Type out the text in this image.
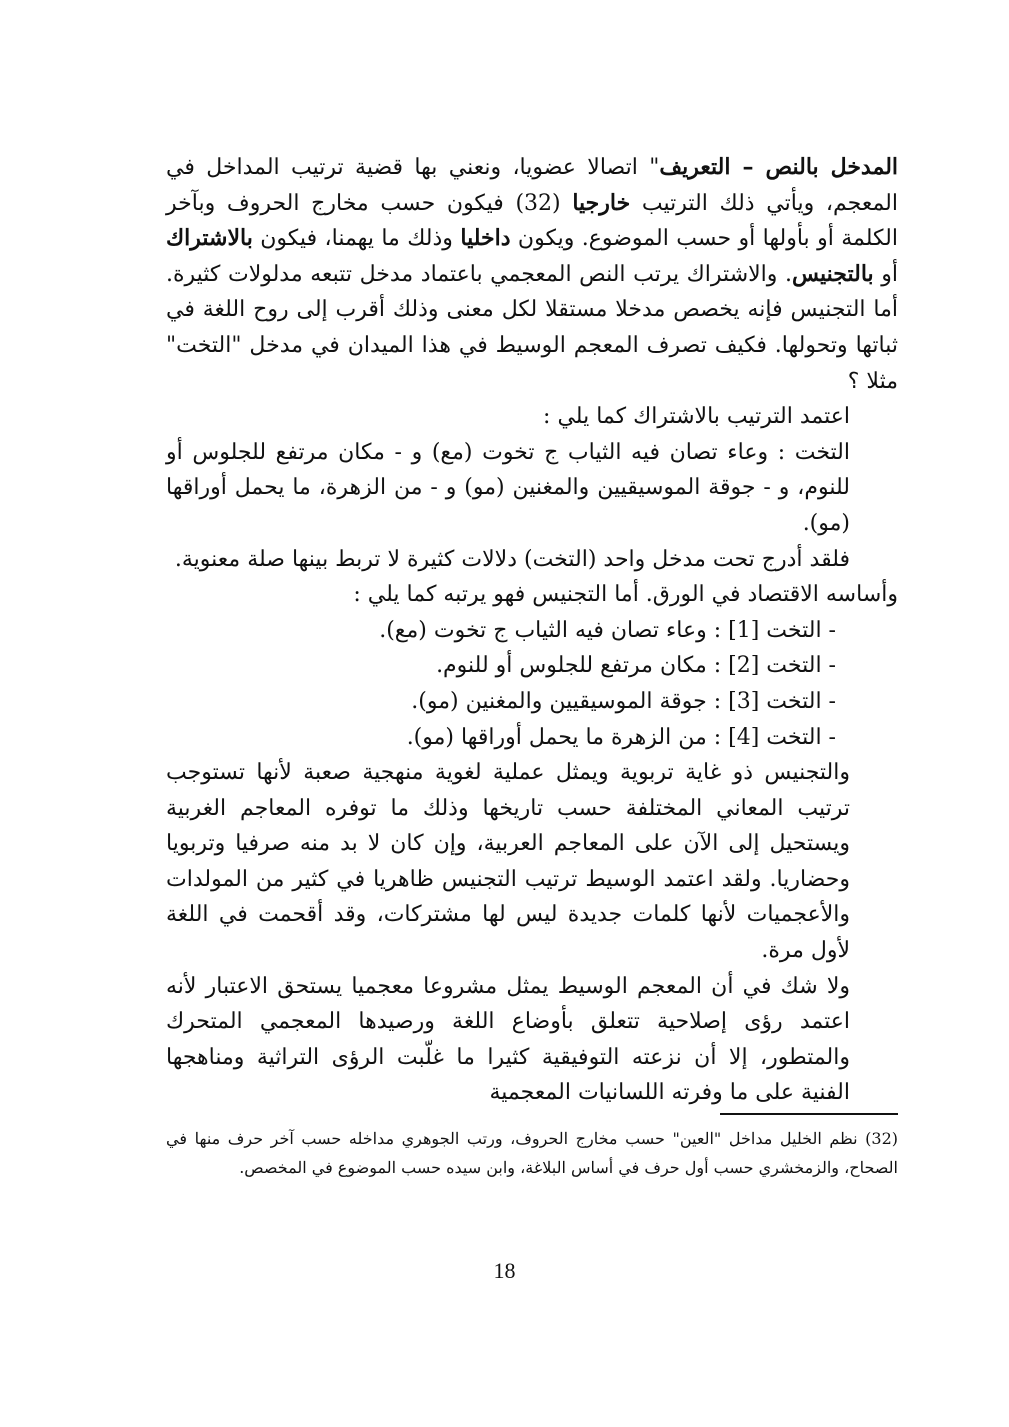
المدخل بالنص – التعريف" اتصالا عضويا، ونعني بها قضية ترتيب المداخل في المعجم، ويأتي ذلك الترتيب خارجيا (32) فيكون حسب مخارج الحروف وبآخر الكلمة أو بأولها أو حسب الموضوع. ويكون داخليا وذلك ما يهمنا، فيكون بالاشتراك أو بالتجنيس. والاشتراك يرتب النص المعجمي باعتماد مدخل تتبعه مدلولات كثيرة. أما التجنيس فإنه يخصص مدخلا مستقلا لكل معنى وذلك أقرب إلى روح اللغة في ثباتها وتحولها. فكيف تصرف المعجم الوسيط في هذا الميدان في مدخل "التخت" مثلا ؟

اعتمد الترتيب بالاشتراك كما يلي :

التخت : وعاء تصان فيه الثياب ج تخوت (مع) و - مكان مرتفع للجلوس أو للنوم، و - جوقة الموسيقيين والمغنين (مو) و - من الزهرة، ما يحمل أوراقها (مو).

فلقد أدرج تحت مدخل واحد (التخت) دلالات كثيرة لا تربط بينها صلة معنوية.

وأساسه الاقتصاد في الورق. أما التجنيس فهو يرتبه كما يلي :

- التخت [1] : وعاء تصان فيه الثياب ج تخوت (مع).

- التخت [2] : مكان مرتفع للجلوس أو للنوم.

- التخت [3] : جوقة الموسيقيين والمغنين (مو).

- التخت [4] : من الزهرة ما يحمل أوراقها (مو).

والتجنيس ذو غاية تربوية ويمثل عملية لغوية منهجية صعبة لأنها تستوجب ترتيب المعاني المختلفة حسب تاريخها وذلك ما توفره المعاجم الغربية ويستحيل إلى الآن على المعاجم العربية، وإن كان لا بد منه صرفيا وتربويا وحضاريا. ولقد اعتمد الوسيط ترتيب التجنيس ظاهريا في كثير من المولدات والأعجميات لأنها كلمات جديدة ليس لها مشتركات، وقد أقحمت في اللغة لأول مرة.

ولا شك في أن المعجم الوسيط يمثل مشروعا معجميا يستحق الاعتبار لأنه اعتمد رؤى إصلاحية تتعلق بأوضاع اللغة ورصيدها المعجمي المتحرك والمتطور، إلا أن نزعته التوفيقية كثيرا ما غلّبت الرؤى التراثية ومناهجها الفنية على ما وفرته اللسانيات المعجمية

(32) نظم الخليل مداخل "العين" حسب مخارج الحروف، ورتب الجوهري مداخله حسب آخر حرف منها في الصحاح، والزمخشري حسب أول حرف في أساس البلاغة، وابن سيده حسب الموضوع في المخصص.

18
